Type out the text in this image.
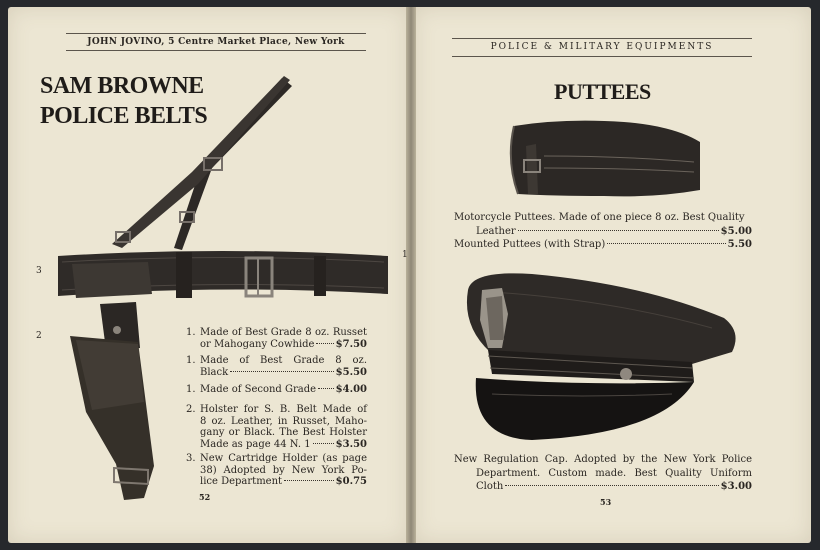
JOHN JOVINO, 5 Centre Market Place, New York
SAM BROWNE
POLICE BELTS
3
2	1. Made of Best Grade 8 oz. Russet
or Mahogany Cowhide $7.50
1. Made of Best Grade 8 oz.
Black	$5.50
1. Made of Second Grade $4.00
2. Holster for S. B. Belt Made of
8 oz. Leather, in Russet, Maho-
gany or Black. The Best Holster
Made as page 44 N. 1	$3.50
3. New Cartridge Holder (as page
38) Adopted by New York Po-
lice Department	$0.75
52
1
POLICE & MILITARY EQUIPMENTS
PUTTEES
Motorcycle Puttees. Made of one piece 8 oz. Best Quality
Leather	$5.00
Mounted Puttees (with Strap)	5.50
New Regulation Cap. Adopted by the New York Police
Department. Custom made. Best Quality Uniform
Cloth	$3.00
53
